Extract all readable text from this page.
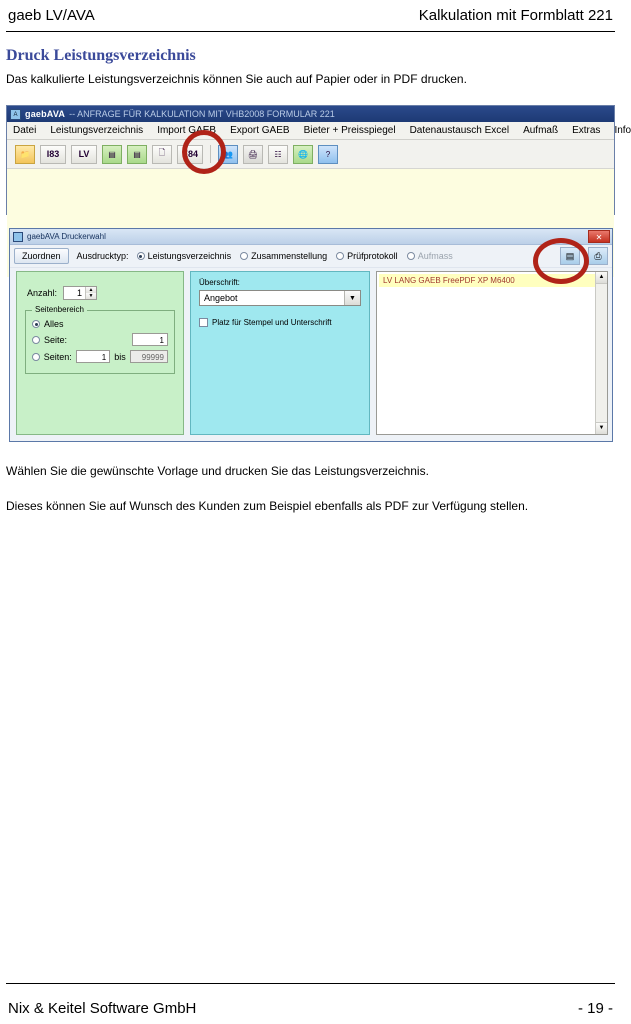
gaeb LV/AVA	Kalkulation mit Formblatt 221
Druck Leistungsverzeichnis
Das kalkulierte Leistungsverzeichnis können Sie auch auf Papier oder in PDF drucken.
A gaebAVA -- ANFRAGE FÜR KALKULATION MIT VHB2008 FORMULAR 221
Datei Leistungsverzeichnis Import GAEB Export GAEB Bieter + Preisspiegel Datenaustausch Excel Aufmaß Extras Info
📁	I83	LV	▤ ▤ 🗋	E84	👥 🖨 ☷ 🌐	?
gaebAVA Druckerwahl	✕
Zuordnen	Ausdrucktyp: Leistungsverzeichnis Zusammenstellung Prüfprotokoll Aufmass	▤	⎙
Anzahl:	1	▲
▼
Seitenbereich
Alles
Seite:	1
Seiten:	1 bis	99999
Überschrift:
Angebot	▼
Platz für Stempel und Unterschrift
LV LANG GAEB FreePDF XP M6400	▲
▼
Wählen Sie die gewünschte Vorlage und drucken Sie das Leistungsverzeichnis.
Dieses können Sie auf Wunsch des Kunden zum Beispiel ebenfalls als PDF zur Verfügung stellen.
Nix & Keitel Software GmbH	- 19 -
